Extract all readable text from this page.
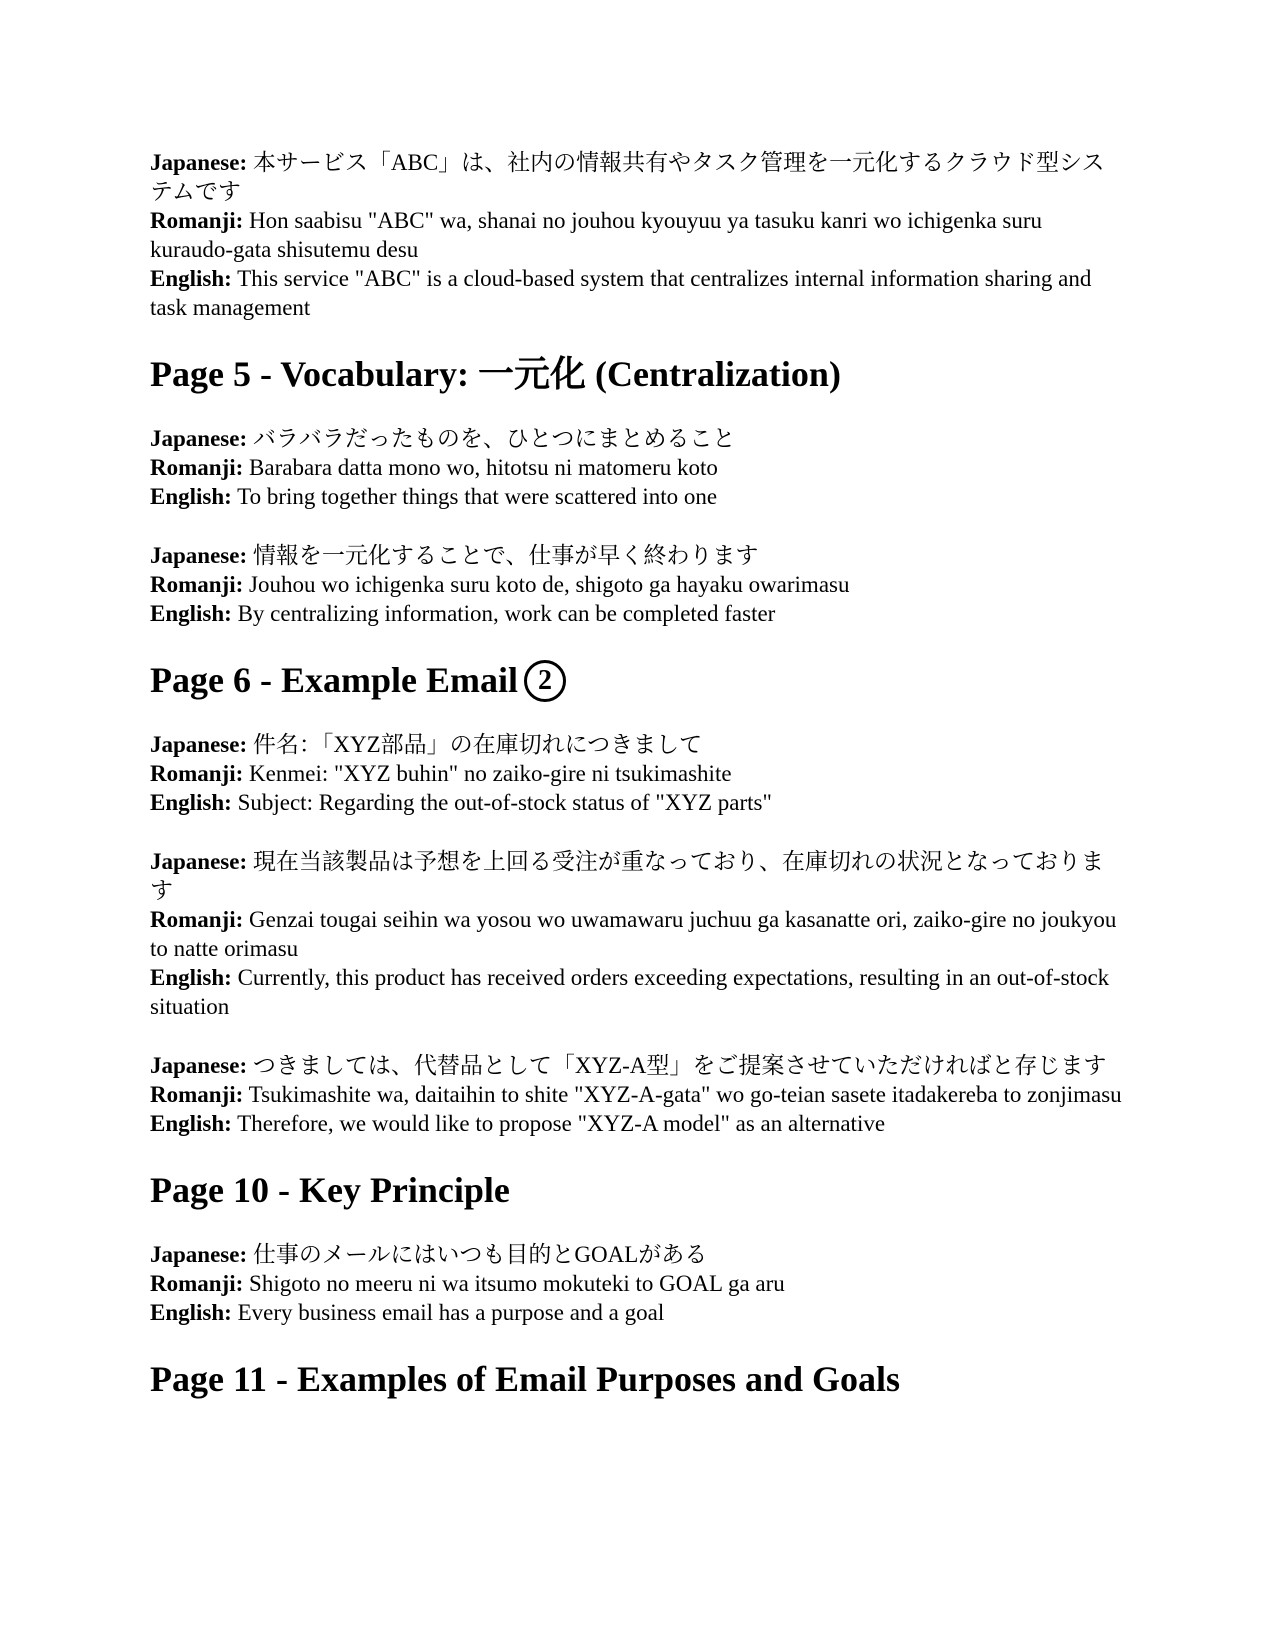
Japanese: 本サービス「ABC」は、社内の情報共有やタスク管理を一元化するクラウド型システムです

Romanji: Hon saabisu "ABC" wa, shanai no jouhou kyouyuu ya tasuku kanri wo ichigenka suru kuraudo-gata shisutemu desu

English: This service "ABC" is a cloud-based system that centralizes internal information sharing and task management

Page 5 - Vocabulary: 一元化 (Centralization)

Japanese: バラバラだったものを、ひとつにまとめること

Romanji: Barabara datta mono wo, hitotsu ni matomeru koto

English: To bring together things that were scattered into one

Japanese: 情報を一元化することで、仕事が早く終わります

Romanji: Jouhou wo ichigenka suru koto de, shigoto ga hayaku owarimasu

English: By centralizing information, work can be completed faster

Page 6 - Example Email 2

Japanese: 件名：「XYZ部品」の在庫切れにつきまして

Romanji: Kenmei: "XYZ buhin" no zaiko-gire ni tsukimashite

English: Subject: Regarding the out-of-stock status of "XYZ parts"

Japanese: 現在当該製品は予想を上回る受注が重なっており、在庫切れの状況となっております

Romanji: Genzai tougai seihin wa yosou wo uwamawaru juchuu ga kasanatte ori, zaiko-gire no joukyou to natte orimasu

English: Currently, this product has received orders exceeding expectations, resulting in an out-of-stock situation

Japanese: つきましては、代替品として「XYZ-A型」をご提案させていただければと存じます

Romanji: Tsukimashite wa, daitaihin to shite "XYZ-A-gata" wo go-teian sasete itadakereba to zonjimasu

English: Therefore, we would like to propose "XYZ-A model" as an alternative

Page 10 - Key Principle

Japanese: 仕事のメールにはいつも目的とGOALがある

Romanji: Shigoto no meeru ni wa itsumo mokuteki to GOAL ga aru

English: Every business email has a purpose and a goal

Page 11 - Examples of Email Purposes and Goals
